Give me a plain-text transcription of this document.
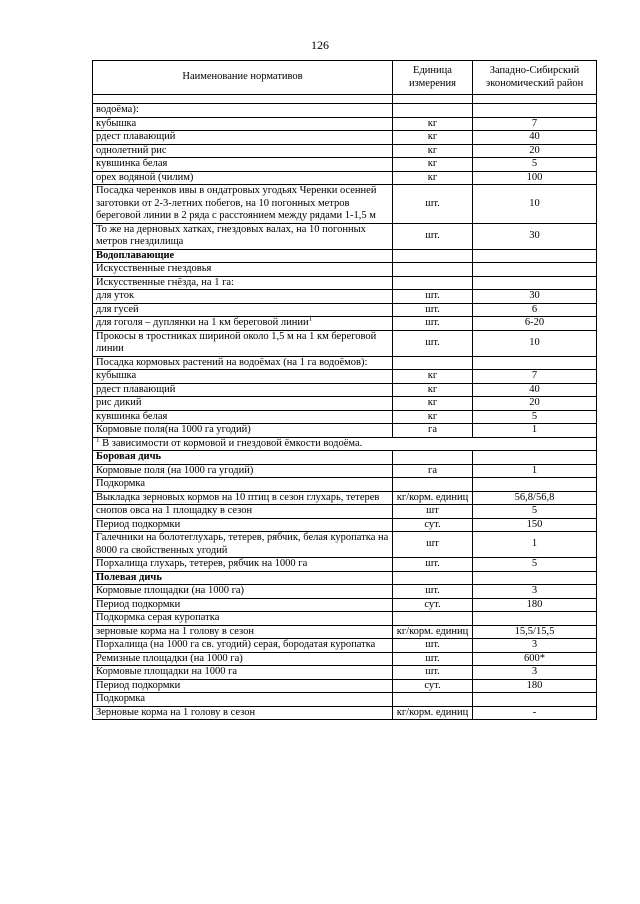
126
Наименование нормативов	Единица измерения	Западно-Сибирский экономический район

водоёма):		
кубышка	кг	7
рдест плавающий	кг	40
однолетний рис	кг	20
кувшинка белая	кг	5
орех водяной (чилим)	кг	100
Посадка черенков ивы в ондатровых угодьях Черенки осенней заготовки от 2-3-летних побегов, на 10 погонных метров береговой линии в 2 ряда с расстоянием между рядами 1-1,5 м	шт.	10
То же на дерновых хатках, гнездовых валах, на 10 погонных метров гнездилища	шт.	30
Водоплавающие		
Искусственные гнездовья		
Искусственные гнёзда, на 1 га:		
для уток	шт.	30
для гусей	шт.	6
для гоголя – дуплянки на 1 км береговой линии$^1$	шт.	6-20
Прокосы в тростниках шириной около 1,5 м на 1 км береговой линии	шт.	10
Посадка кормовых растений на водоёмах (на 1 га водоёмов):		
кубышка	кг	7
рдест плавающий	кг	40
рис дикий	кг	20
кувшинка белая	кг	5
Кормовые поля(на 1000 га угодий)	га	1
$^1$ В зависимости от кормовой и гнездовой ёмкости водоёма.		
Боровая дичь		
Кормовые поля (на 1000 га угодий)	га	1
Подкормка		
Выкладка зерновых кормов на 10 птиц в сезон глухарь, тетерев	кг/корм. единиц	56,8/56,8
снопов овса на 1 площадку в сезон	шт	5
Период подкормки	сут.	150
Галечники на болотеглухарь, тетерев, рябчик, белая куропатка на 8000 га свойственных угодий	шт	1
Порхалища глухарь, тетерев, рябчик на 1000 га	шт.	5
Полевая дичь		
Кормовые площадки (на 1000 га)	шт.	3
Период подкормки	сут.	180
Подкормка серая куропатка		
зерновые корма на 1 голову в сезон	кг/корм. единиц	15,5/15,5
Порхалища (на 1000 га св. угодий) серая, бородатая куропатка	шт.	3
Ремизные площадки (на 1000 га)	шт.	600*
Кормовые площадки на 1000 га	шт.	3
Период подкормки	сут.	180
Подкормка		
Зерновые корма на 1 голову в сезон	кг/корм. единиц	-
